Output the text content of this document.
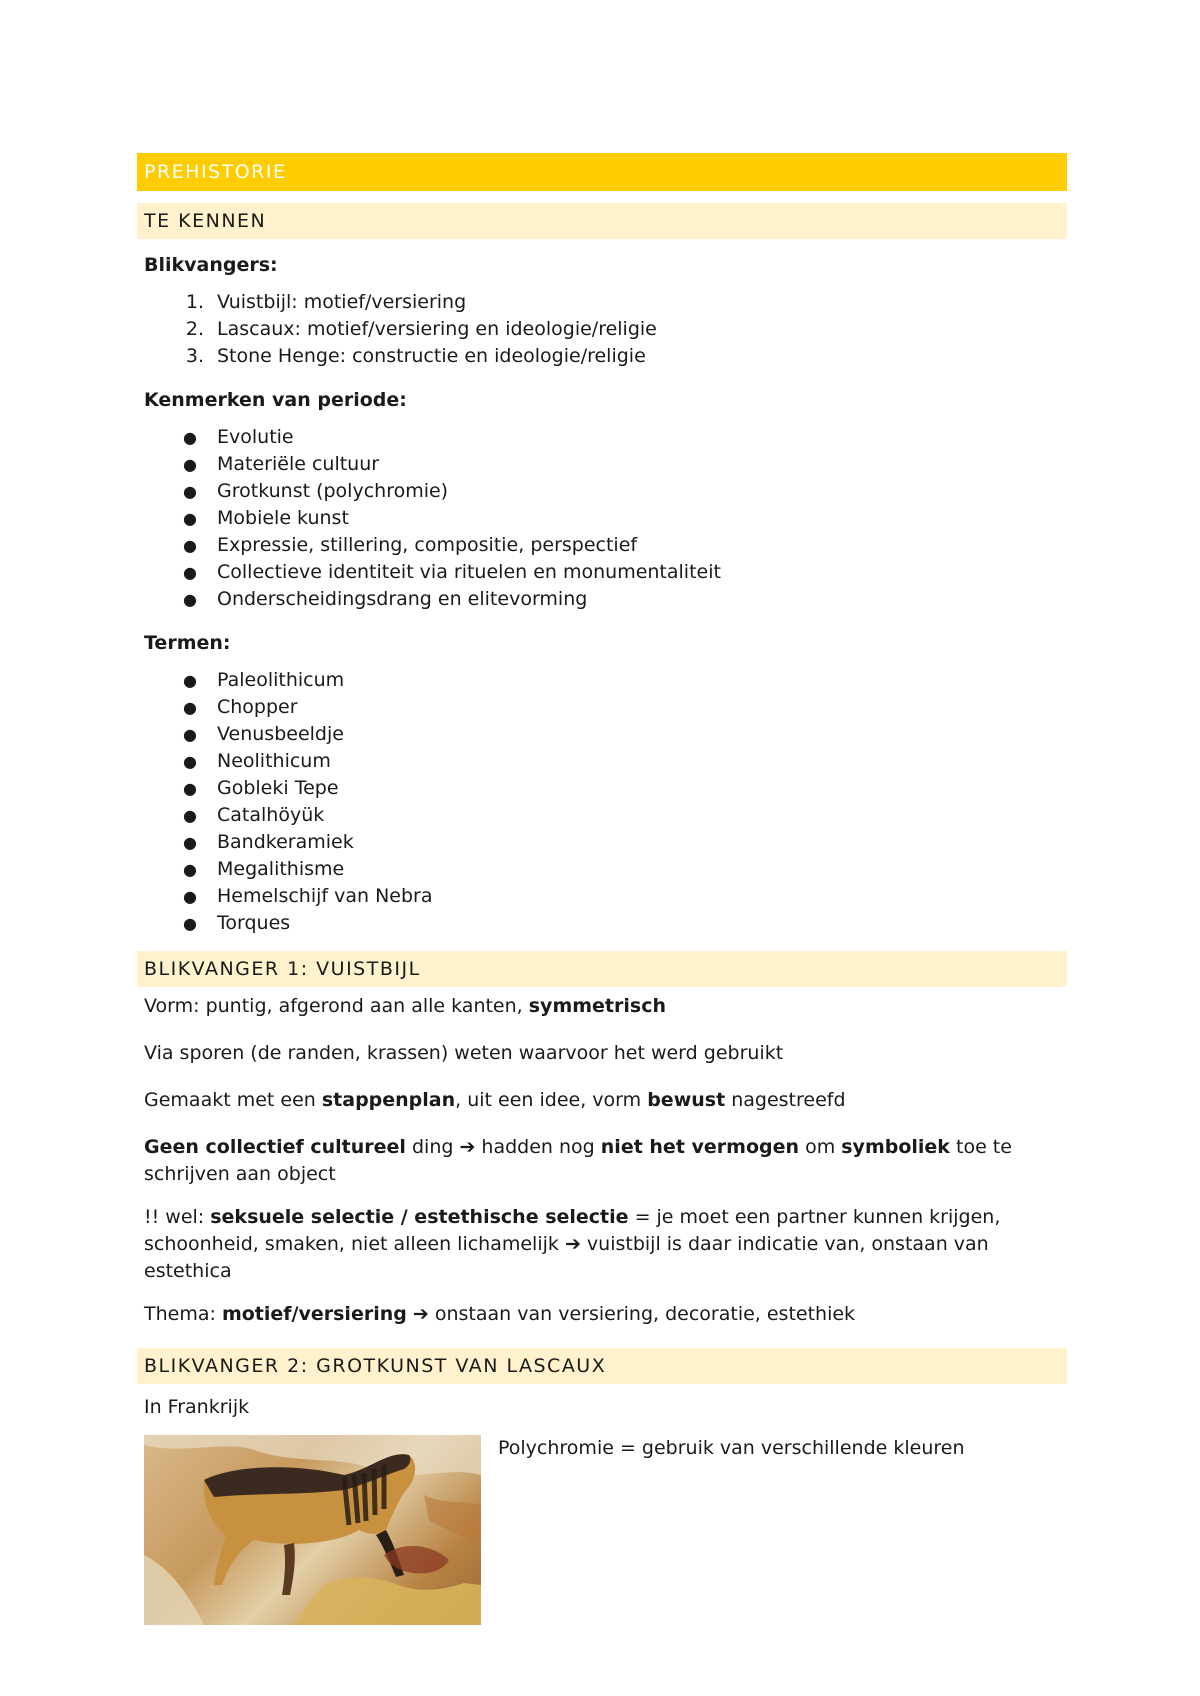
PREHISTORIE
TE KENNEN
Blikvangers:
1. Vuistbijl: motief/versiering
2. Lascaux: motief/versiering en ideologie/religie
3. Stone Henge: constructie en ideologie/religie
Kenmerken van periode:
● Evolutie
● Materiële cultuur
● Grotkunst (polychromie)
● Mobiele kunst
● Expressie, stillering, compositie, perspectief
● Collectieve identiteit via rituelen en monumentaliteit
● Onderscheidingsdrang en elitevorming
Termen:
● Paleolithicum
● Chopper
● Venusbeeldje
● Neolithicum
● Gobleki Tepe
● Catalhöyük
● Bandkeramiek
● Megalithisme
● Hemelschijf van Nebra
● Torques
BLIKVANGER 1: VUISTBIJL

Vorm: puntig, afgerond aan alle kanten, symmetrisch

Via sporen (de randen, krassen) weten waarvoor het werd gebruikt

Gemaakt met een stappenplan, uit een idee, vorm bewust nagestreefd

Geen collectief cultureel ding ➔ hadden nog niet het vermogen om symboliek toe te schrijven aan object

!! wel: seksuele selectie / estethische selectie = je moet een partner kunnen krijgen, schoonheid, smaken, niet alleen lichamelijk ➔ vuistbijl is daar indicatie van, onstaan van estethica

Thema: motief/versiering ➔ onstaan van versiering, decoratie, estethiek

BLIKVANGER 2: GROTKUNST VAN LASCAUX

In Frankrijk

Polychromie = gebruik van verschillende kleuren
